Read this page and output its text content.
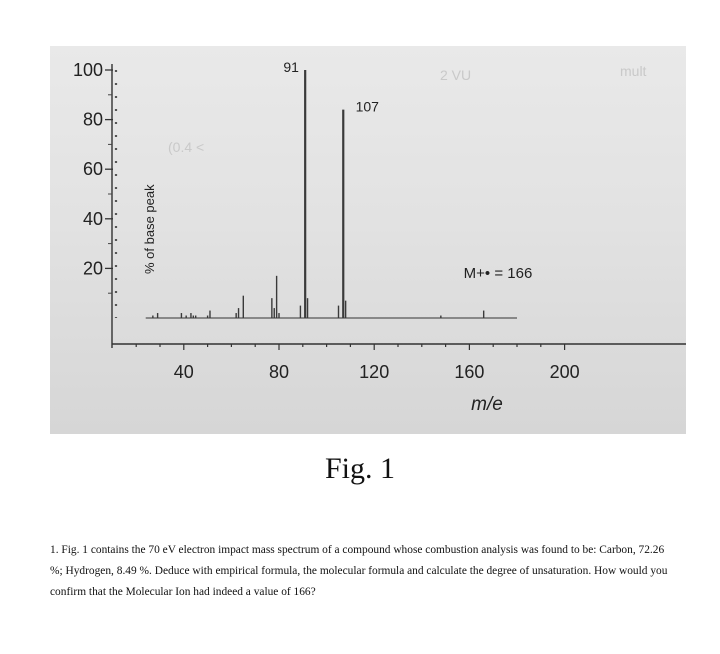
(0.4 <
2 VU	mult
20
40
60
80
100
40	80	120	160	200
% of base peak
m/e
91
107
M+• = 166
Fig. 1
1. Fig. 1 contains the 70 eV electron impact mass spectrum of a compound whose combustion analysis was found to be: Carbon, 72.26 %; Hydrogen, 8.49 %. Deduce with empirical formula, the molecular formula and calculate the degree of unsaturation. How would you confirm that the Molecular Ion had indeed a value of 166?
